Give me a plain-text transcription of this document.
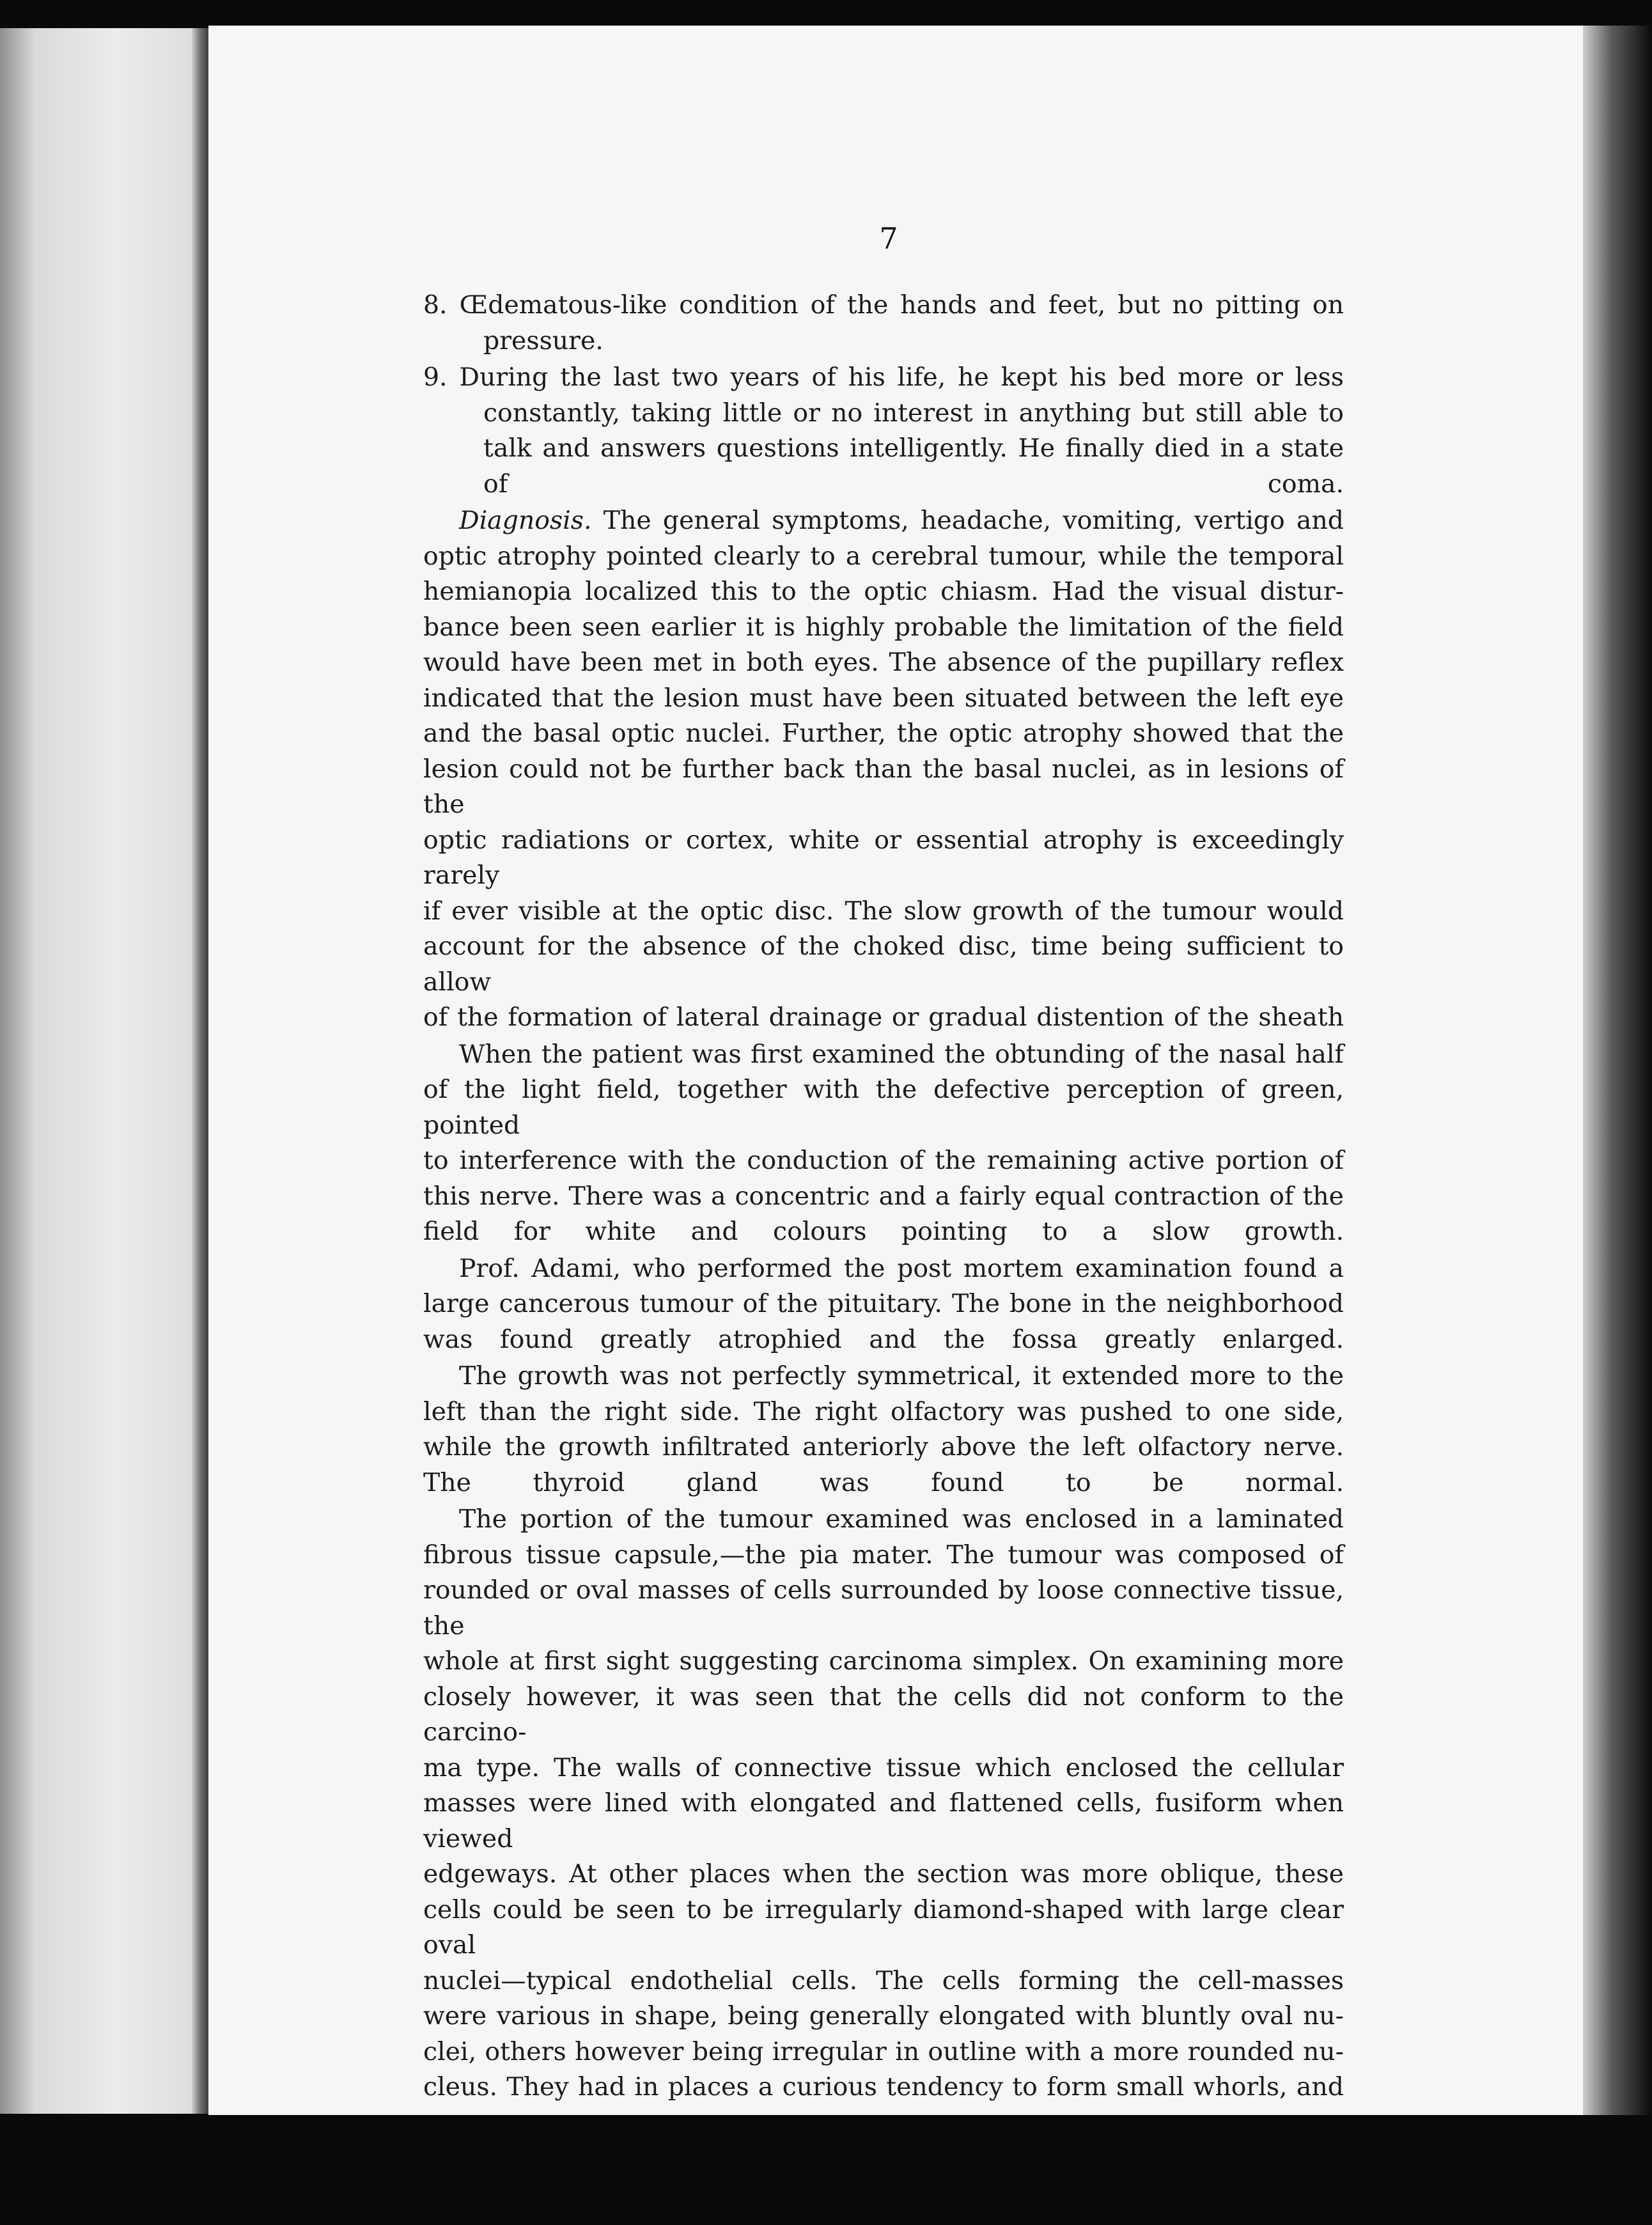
7

8. Œdematous-like condition of the hands and feet, but no pitting on
pressure.

9. During the last two years of his life, he kept his bed more or less
constantly, taking little or no interest in anything but still able to
talk and answers questions intelligently. He finally died in a state
of coma.

Diagnosis. The general symptoms, headache, vomiting, vertigo and
optic atrophy pointed clearly to a cerebral tumour, while the temporal
hemianopia localized this to the optic chiasm. Had the visual distur-
bance been seen earlier it is highly probable the limitation of the field
would have been met in both eyes. The absence of the pupillary reflex
indicated that the lesion must have been situated between the left eye
and the basal optic nuclei. Further, the optic atrophy showed that the
lesion could not be further back than the basal nuclei, as in lesions of the
optic radiations or cortex, white or essential atrophy is exceedingly rarely
if ever visible at the optic disc. The slow growth of the tumour would
account for the absence of the choked disc, time being sufficient to allow
of the formation of lateral drainage or gradual distention of the sheath

When the patient was first examined the obtunding of the nasal half
of the light field, together with the defective perception of green, pointed
to interference with the conduction of the remaining active portion of
this nerve. There was a concentric and a fairly equal contraction of the
field for white and colours pointing to a slow growth.

Prof. Adami, who performed the post mortem examination found a
large cancerous tumour of the pituitary. The bone in the neighborhood
was found greatly atrophied and the fossa greatly enlarged.

The growth was not perfectly symmetrical, it extended more to the
left than the right side. The right olfactory was pushed to one side,
while the growth infiltrated anteriorly above the left olfactory nerve.
The thyroid gland was found to be normal.

The portion of the tumour examined was enclosed in a laminated
fibrous tissue capsule,—the pia mater. The tumour was composed of
rounded or oval masses of cells surrounded by loose connective tissue, the
whole at first sight suggesting carcinoma simplex. On examining more
closely however, it was seen that the cells did not conform to the carcino-
ma type. The walls of connective tissue which enclosed the cellular
masses were lined with elongated and flattened cells, fusiform when viewed
edgeways. At other places when the section was more oblique, these
cells could be seen to be irregularly diamond-shaped with large clear oval
nuclei—typical endothelial cells. The cells forming the cell-masses
were various in shape, being generally elongated with bluntly oval nu-
clei, others however being irregular in outline with a more rounded nu-
cleus. They had in places a curious tendency to form small whorls, and
